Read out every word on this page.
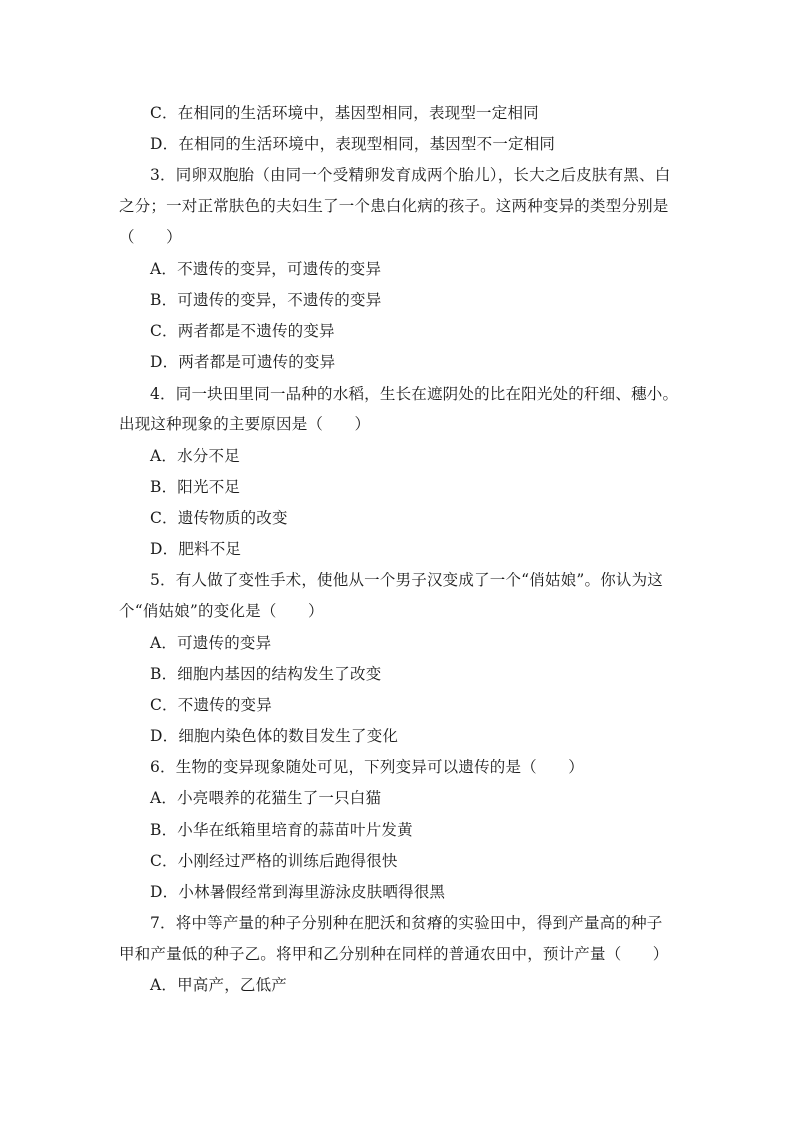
C．在相同的生活环境中，基因型相同，表现型一定相同
D．在相同的生活环境中，表现型相同，基因型不一定相同
3．同卵双胞胎（由同一个受精卵发育成两个胎儿），长大之后皮肤有黑、白
之分；一对正常肤色的夫妇生了一个患白化病的孩子。这两种变异的类型分别是
（　　）
A．不遗传的变异，可遗传的变异
B．可遗传的变异，不遗传的变异
C．两者都是不遗传的变异
D．两者都是可遗传的变异
4．同一块田里同一品种的水稻，生长在遮阴处的比在阳光处的秆细、穗小。
出现这种现象的主要原因是（　　）
A．水分不足
B．阳光不足
C．遗传物质的改变
D．肥料不足
5．有人做了变性手术，使他从一个男子汉变成了一个“俏姑娘”。你认为这
个“俏姑娘”的变化是（　　）
A．可遗传的变异
B．细胞内基因的结构发生了改变
C．不遗传的变异
D．细胞内染色体的数目发生了变化
6．生物的变异现象随处可见，下列变异可以遗传的是（　　）
A．小亮喂养的花猫生了一只白猫
B．小华在纸箱里培育的蒜苗叶片发黄
C．小刚经过严格的训练后跑得很快
D．小林暑假经常到海里游泳皮肤晒得很黑
7．将中等产量的种子分别种在肥沃和贫瘠的实验田中，得到产量高的种子
甲和产量低的种子乙。将甲和乙分别种在同样的普通农田中，预计产量（　　）
A．甲高产，乙低产
